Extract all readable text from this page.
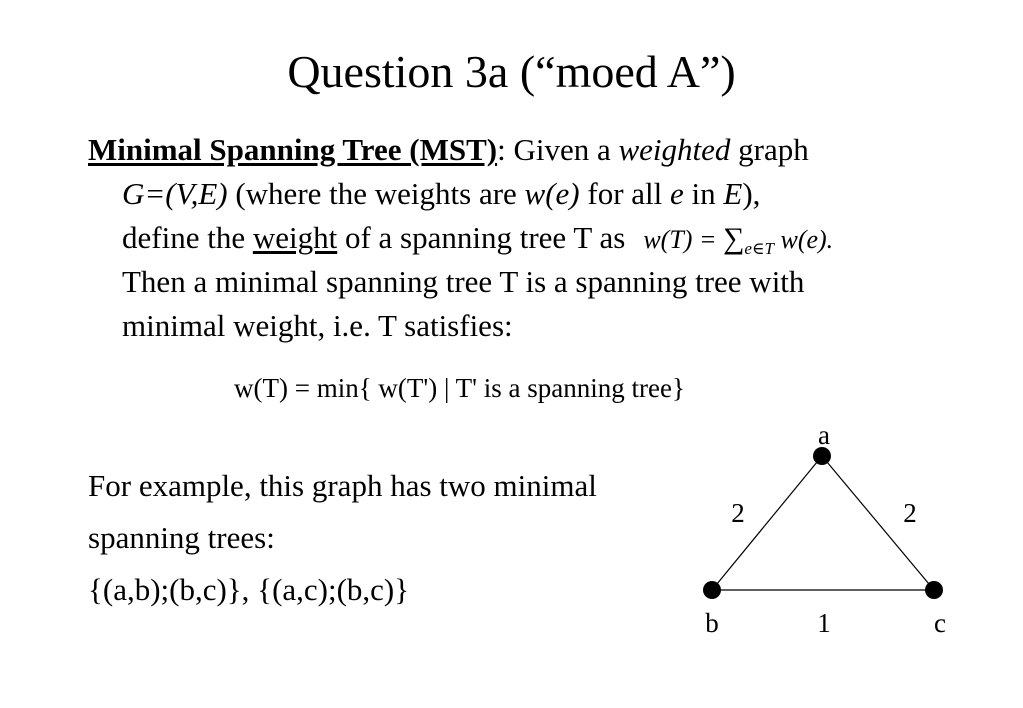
Question 3a (“moed A”)
Minimal Spanning Tree (MST): Given a weighted graph
G=(V,E) (where the weights are w(e) for all e in E),
define the weight of a spanning tree T as $w(T) = \sum_{e\in T}$ w(e).
Then a minimal spanning tree T is a spanning tree with
minimal weight, i.e. T satisfies:
w(T) = min{ w(T') | T' is a spanning tree}
For example, this graph has two minimal
spanning trees:
{(a,b);(b,c)}, {(a,c);(b,c)}
2	2
1
a
b	c
